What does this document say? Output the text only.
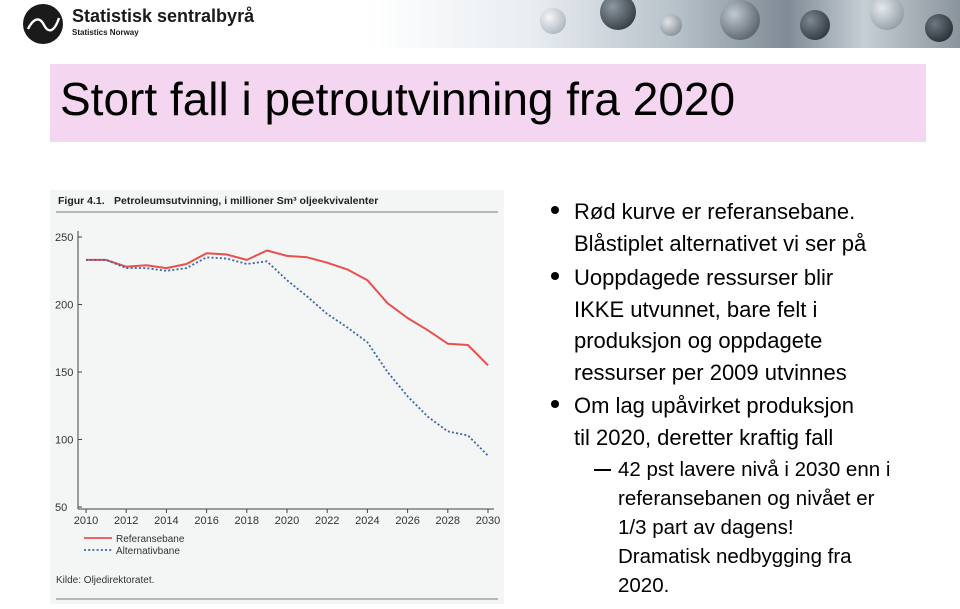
Statistisk sentralbyrå
Statistics Norway
Stort fall i petroutvinning fra 2020
Figur 4.1. Petroleumsutvinning, i millioner Sm³ oljeekvivalenter
250
200
150
100
50
2010 2012 2014 2016 2018 2020 2022 2024 2026 2028 2030
Referansebane
Alternativbane
Kilde: Oljedirektoratet.
Rød kurve er referansebane.
Blåstiplet alternativet vi ser på
Uoppdagede ressurser blir
IKKE utvunnet, bare felt i
produksjon og oppdagete
ressurser per 2009 utvinnes
Om lag upåvirket produksjon
til 2020, deretter kraftig fall
42 pst lavere nivå i 2030 enn i
referansebanen og nivået er
1/3 part av dagens!
Dramatisk nedbygging fra
2020.
